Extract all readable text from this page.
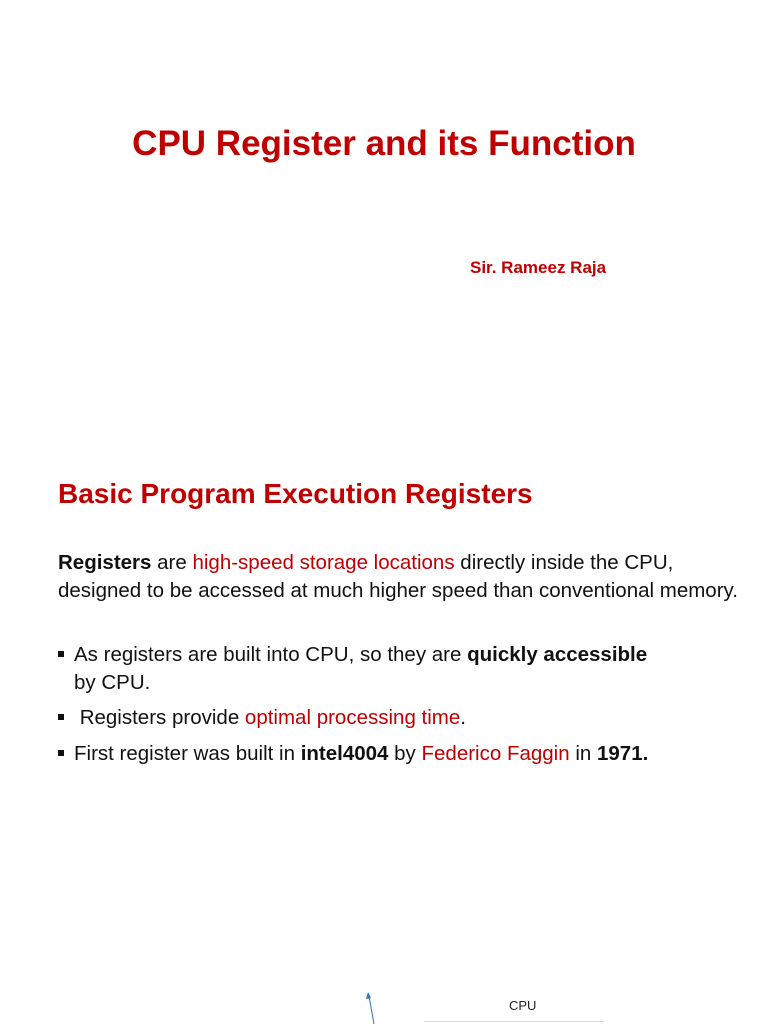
CPU Register and its Function
Sir. Rameez Raja
Basic Program Execution Registers

Registers are high-speed storage locations directly inside the CPU, designed to be accessed at much higher speed than conventional memory.

As registers are built into CPU, so they are quickly accessible
by CPU.
Registers provide optimal processing time.
First register was built in intel4004 by Federico Faggin in 1971.
CPU
